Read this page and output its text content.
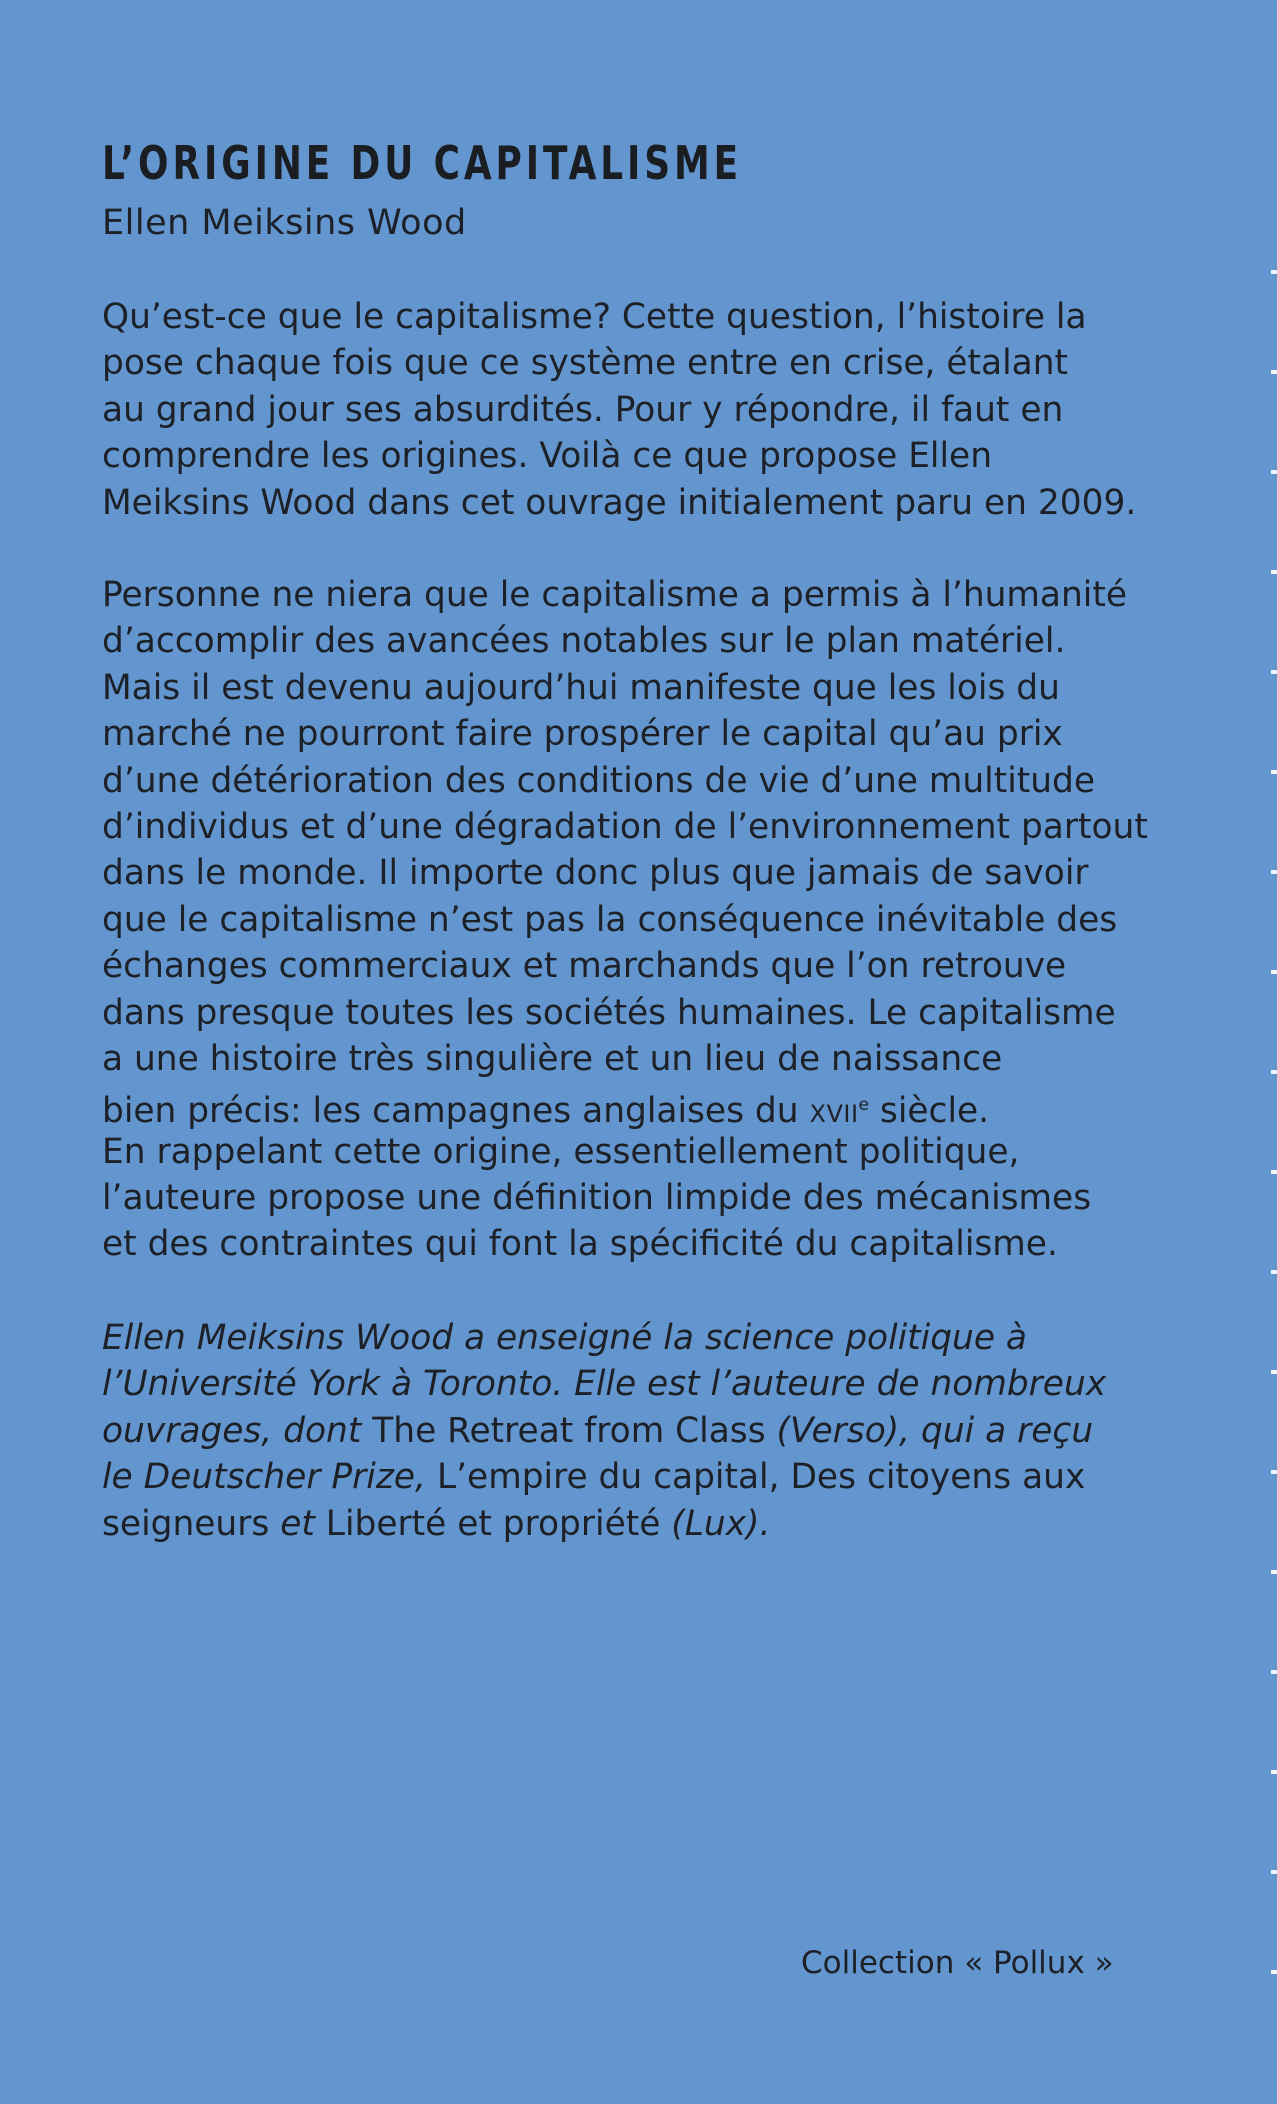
L’ORIGINE DU CAPITALISME
Ellen Meiksins Wood
Qu’est-ce que le capitalisme? Cette question, l’histoire la
pose chaque fois que ce système entre en crise, étalant
au grand jour ses absurdités. Pour y répondre, il faut en
comprendre les origines. Voilà ce que propose Ellen
Meiksins Wood dans cet ouvrage initialement paru en 2009.
Personne ne niera que le capitalisme a permis à l’humanité
d’accomplir des avancées notables sur le plan matériel.
Mais il est devenu aujourd’hui manifeste que les lois du
marché ne pourront faire prospérer le capital qu’au prix
d’une détérioration des conditions de vie d’une multitude
d’individus et d’une dégradation de l’environnement partout
dans le monde. Il importe donc plus que jamais de savoir
que le capitalisme n’est pas la conséquence inévitable des
échanges commerciaux et marchands que l’on retrouve
dans presque toutes les sociétés humaines. Le capitalisme
a une histoire très singulière et un lieu de naissance
bien précis: les campagnes anglaises du XVIIe siècle.
En rappelant cette origine, essentiellement politique,
l’auteure propose une définition limpide des mécanismes
et des contraintes qui font la spécificité du capitalisme.
Ellen Meiksins Wood a enseigné la science politique à
l’Université York à Toronto. Elle est l’auteure de nombreux
ouvrages, dont The Retreat from Class (Verso), qui a reçu
le Deutscher Prize, L’empire du capital, Des citoyens aux
seigneurs et Liberté et propriété (Lux).
Collection « Pollux »
